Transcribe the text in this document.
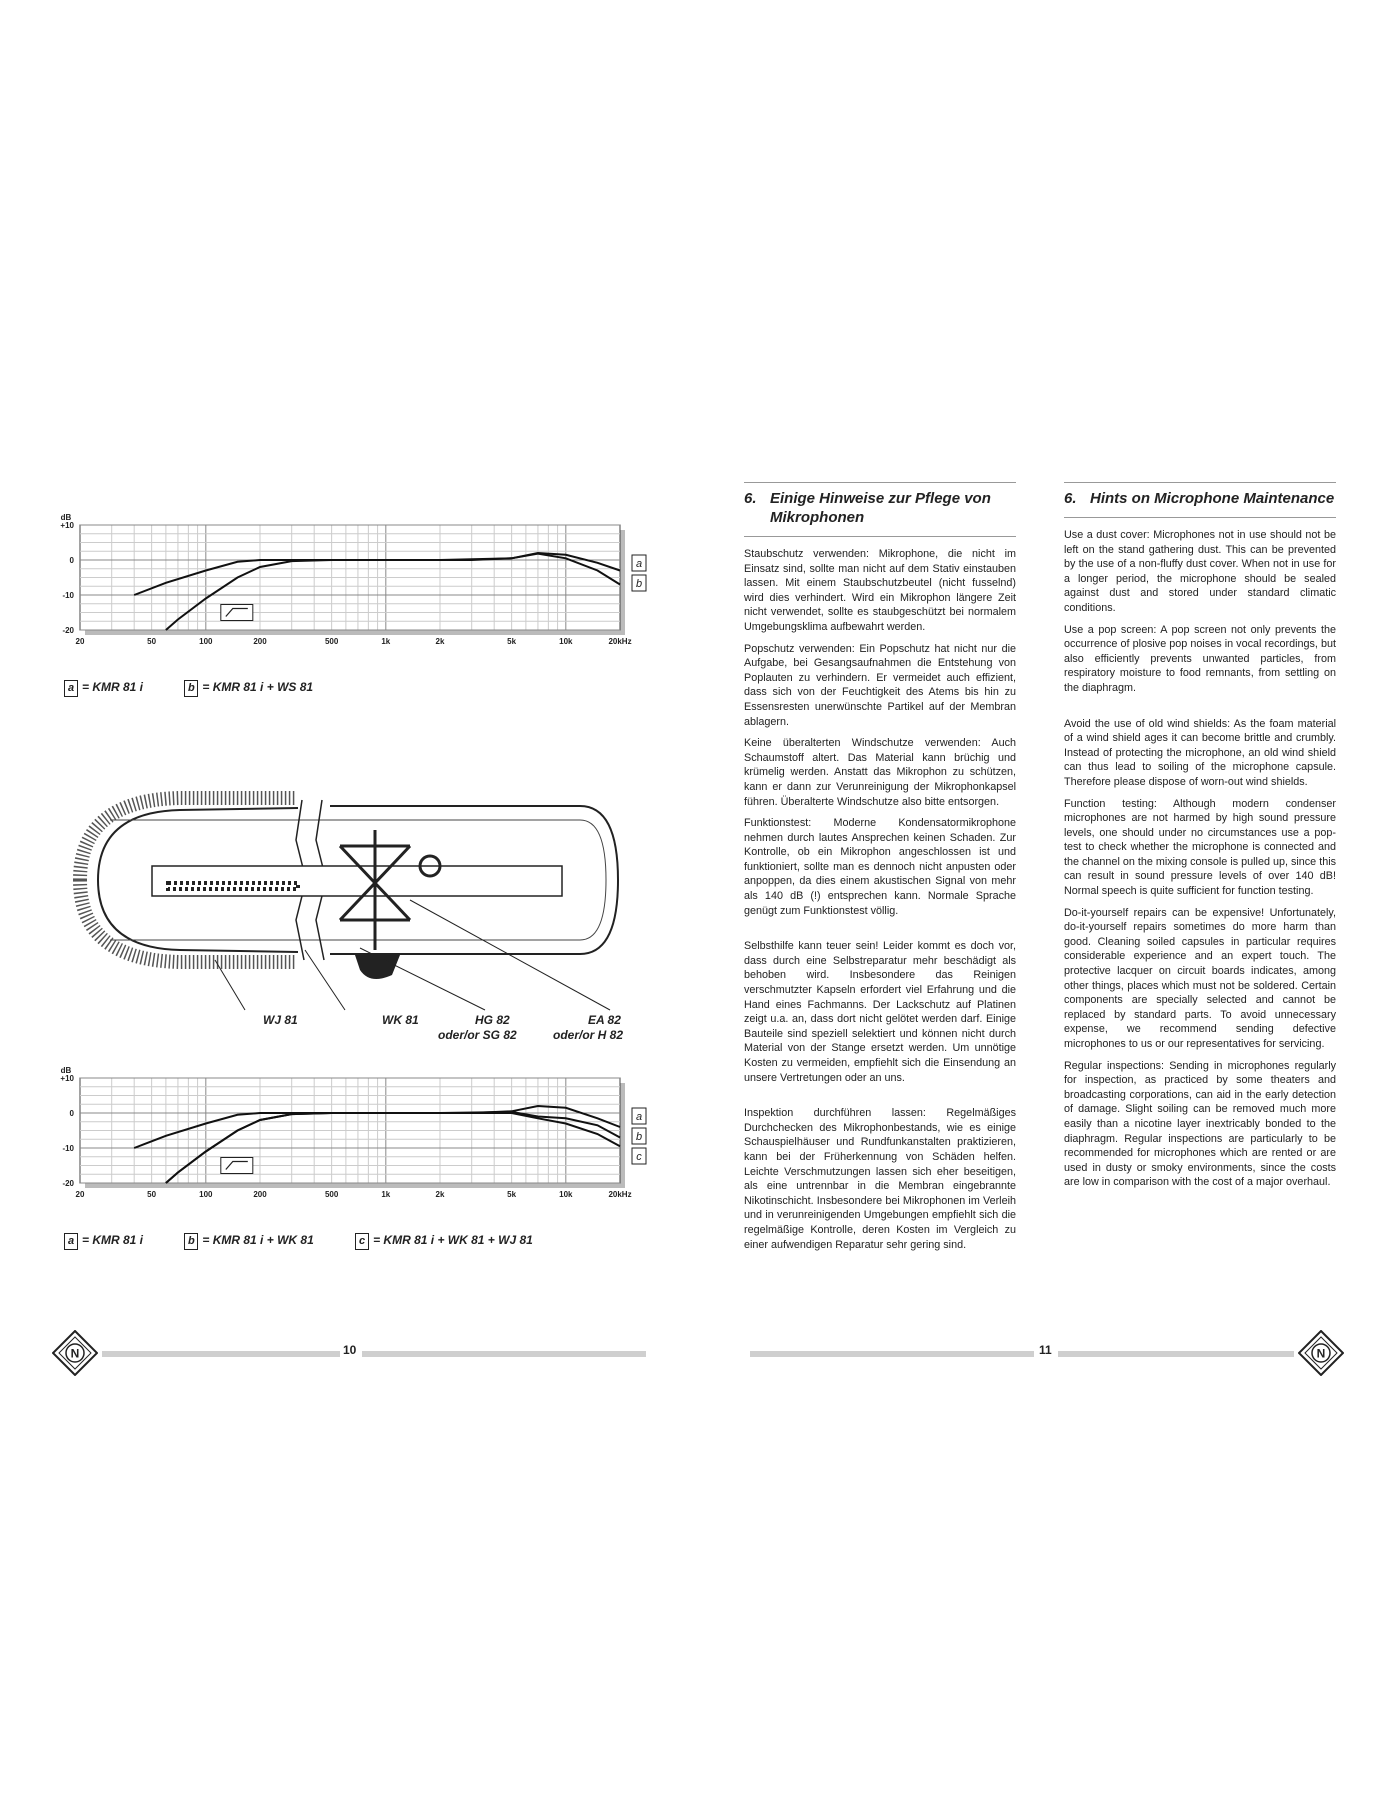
+10
0
-10
-20
dB
20	50	100	200	500	1k	2k	5k	10k	20kHz
a
b
a = KMR 81 i	b = KMR 81 i + WS 81
WJ 81	WK 81	HG 82
oder/or SG 82
EA 82
oder/or H 82
+10
0
-10
-20
dB
20	50	100	200	500	1k	2k	5k	10k	20kHz
a
b
c
a = KMR 81 i	b = KMR 81 i + WK 81	c = KMR 81 i + WK 81 + WJ 81
6. Einige Hinweise zur Pflege von Mikrophonen

Staubschutz verwenden: Mikrophone, die nicht im Einsatz sind, sollte man nicht auf dem Stativ einstauben lassen. Mit einem Staubschutzbeutel (nicht fusselnd) wird dies verhindert. Wird ein Mikrophon längere Zeit nicht verwendet, sollte es staubgeschützt bei normalem Umgebungsklima aufbewahrt werden.

Popschutz verwenden: Ein Popschutz hat nicht nur die Aufgabe, bei Gesangsaufnahmen die Entstehung von Poplauten zu verhindern. Er vermeidet auch effizient, dass sich von der Feuchtigkeit des Atems bis hin zu Essensresten unerwünschte Partikel auf der Membran ablagern.

Keine überalterten Windschutze verwenden: Auch Schaumstoff altert. Das Material kann brüchig und krümelig werden. Anstatt das Mikrophon zu schützen, kann er dann zur Verunreinigung der Mikrophonkapsel führen. Überalterte Windschutze also bitte entsorgen.

Funktionstest: Moderne Kondensatormikrophone nehmen durch lautes Ansprechen keinen Schaden. Zur Kontrolle, ob ein Mikrophon angeschlossen ist und funktioniert, sollte man es dennoch nicht anpusten oder anpoppen, da dies einem akustischen Signal von mehr als 140 dB (!) entsprechen kann. Normale Sprache genügt zum Funktionstest völlig.

Selbsthilfe kann teuer sein! Leider kommt es doch vor, dass durch eine Selbstreparatur mehr beschädigt als behoben wird. Insbesondere das Reinigen verschmutzter Kapseln erfordert viel Erfahrung und die Hand eines Fachmanns. Der Lackschutz auf Platinen zeigt u.a. an, dass dort nicht gelötet werden darf. Einige Bauteile sind speziell selektiert und können nicht durch Material von der Stange ersetzt werden. Um unnötige Kosten zu vermeiden, empfiehlt sich die Einsendung an unsere Vertretungen oder an uns.

Inspektion durchführen lassen: Regelmäßiges Durchchecken des Mikrophonbestands, wie es einige Schauspielhäuser und Rundfunkanstalten praktizieren, kann bei der Früherkennung von Schäden helfen. Leichte Verschmutzungen lassen sich eher beseitigen, als eine untrennbar in die Membran eingebrannte Nikotinschicht. Insbesondere bei Mikrophonen im Verleih und in verunreinigenden Umgebungen empfiehlt sich die regelmäßige Kontrolle, deren Kosten im Vergleich zu einer aufwendigen Reparatur sehr gering sind.

6. Hints on Microphone Maintenance

Use a dust cover: Microphones not in use should not be left on the stand gathering dust. This can be prevented by the use of a non-fluffy dust cover. When not in use for a longer period, the microphone should be sealed against dust and stored under standard climatic conditions.

Use a pop screen: A pop screen not only prevents the occurrence of plosive pop noises in vocal recordings, but also efficiently prevents unwanted particles, from respiratory moisture to food remnants, from settling on the diaphragm.

Avoid the use of old wind shields: As the foam material of a wind shield ages it can become brittle and crumbly. Instead of protecting the microphone, an old wind shield can thus lead to soiling of the microphone capsule. Therefore please dispose of worn-out wind shields.

Function testing: Although modern condenser microphones are not harmed by high sound pressure levels, one should under no circumstances use a pop-test to check whether the microphone is connected and the channel on the mixing console is pulled up, since this can result in sound pressure levels of over 140 dB! Normal speech is quite sufficient for function testing.

Do-it-yourself repairs can be expensive! Unfortunately, do-it-yourself repairs sometimes do more harm than good. Cleaning soiled capsules in particular requires considerable experience and an expert touch. The protective lacquer on circuit boards indicates, among other things, places which must not be soldered. Certain components are specially selected and cannot be replaced by standard parts. To avoid unnecessary expense, we recommend sending defective microphones to us or our representatives for servicing.

Regular inspections: Sending in microphones regularly for inspection, as practiced by some theaters and broadcasting corporations, can aid in the early detection of damage. Slight soiling can be removed much more easily than a nicotine layer inextricably bonded to the diaphragm. Regular inspections are particularly to be recommended for microphones which are rented or are used in dusty or smoky environments, since the costs are low in comparison with the cost of a major overhaul.

N	10	11	N
